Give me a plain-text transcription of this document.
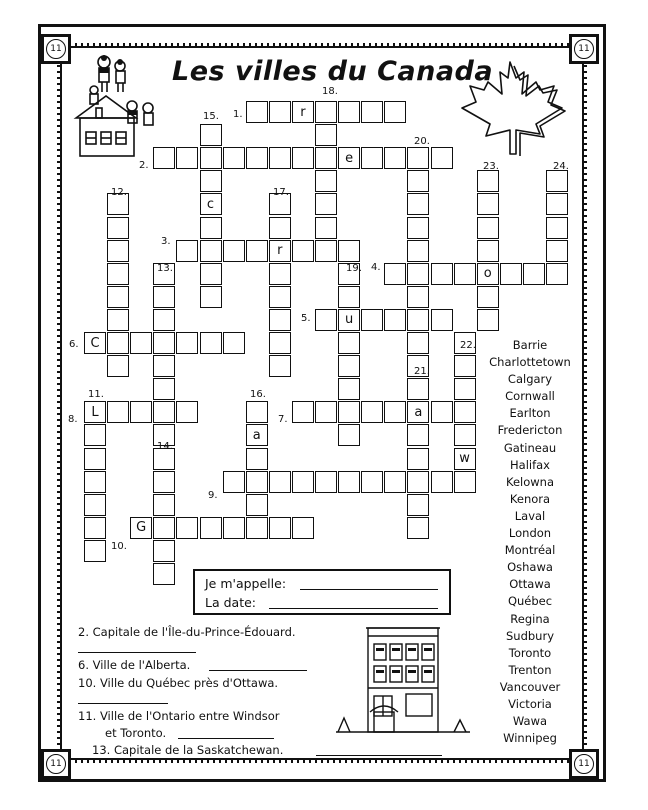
11	11
11	11
Les villes du Canada
r
e
r
o
u
C
a
L
G
c
a
w
1.
2.
3.
4.
5.
6.
7.
8.
9.
10.
11.
12.
13.
14.
15.
16.
17.
18.
19.
20.
21.
22.
23.	24.
Barrie
Charlottetown
Calgary
Cornwall
Earlton
Fredericton
Gatineau
Halifax
Kelowna
Kenora
Laval
London
Montréal
Oshawa
Ottawa
Québec
Regina
Sudbury
Toronto
Trenton
Vancouver
Victoria
Wawa
Winnipeg
Je m'appelle:
La date:
2. Capitale de l'Île-du-Prince-Édouard.
6. Ville de l'Alberta.
10. Ville du Québec près d'Ottawa.
11. Ville de l'Ontario entre Windsor
et Toronto.
13. Capitale de la Saskatchewan.
